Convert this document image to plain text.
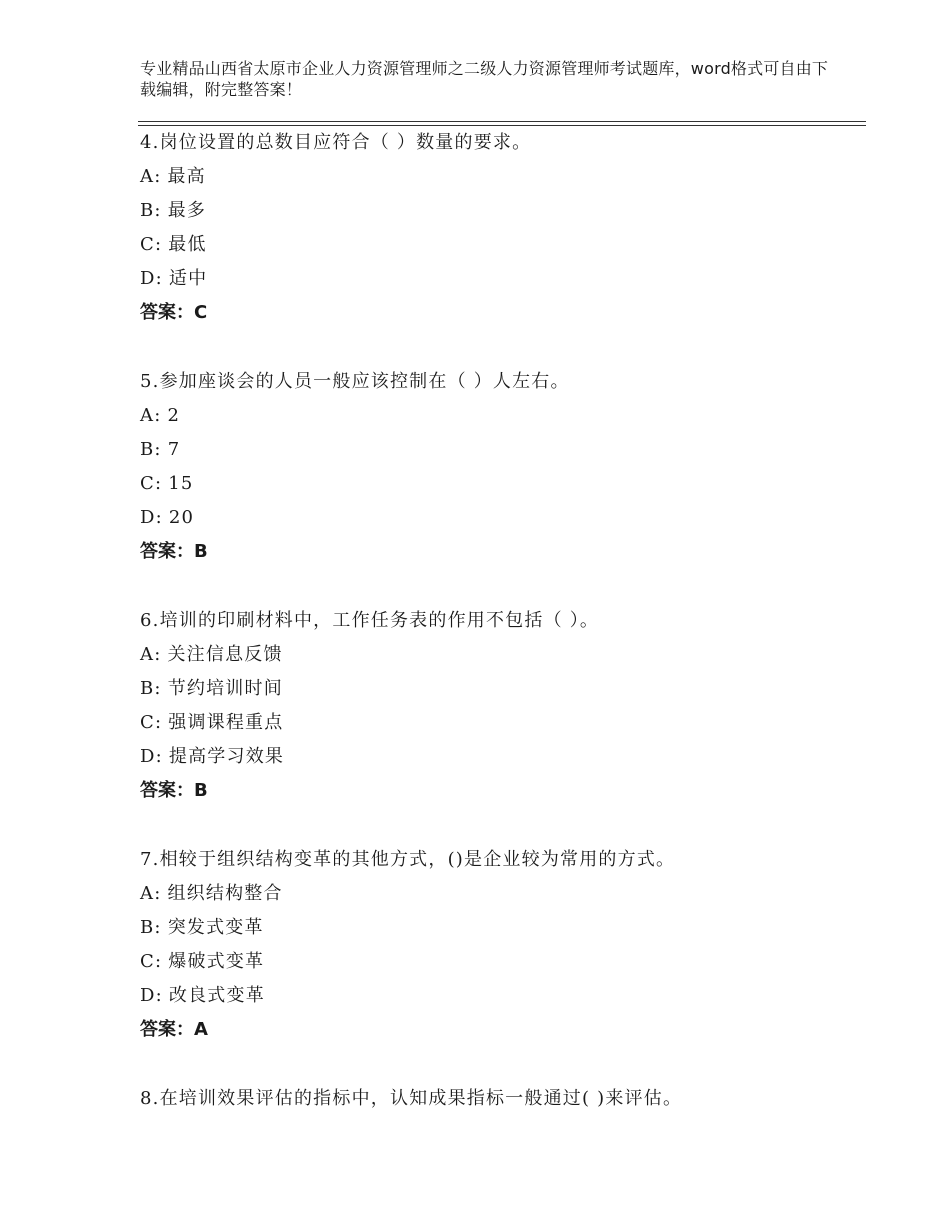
专业精品山西省太原市企业人力资源管理师之二级人力资源管理师考试题库，word格式可自由下载编辑，附完整答案！
4.岗位设置的总数目应符合（ ）数量的要求。
A: 最高
B: 最多
C: 最低
D: 适中
答案：C
5.参加座谈会的人员一般应该控制在（ ）人左右。
A: 2
B: 7
C: 15
D: 20
答案：B
6.培训的印刷材料中，工作任务表的作用不包括（ ）。
A: 关注信息反馈
B: 节约培训时间
C: 强调课程重点
D: 提高学习效果
答案：B
7.相较于组织结构变革的其他方式，()是企业较为常用的方式。
A: 组织结构整合
B: 突发式变革
C: 爆破式变革
D: 改良式变革
答案：A
8.在培训效果评估的指标中，认知成果指标一般通过( )来评估。
